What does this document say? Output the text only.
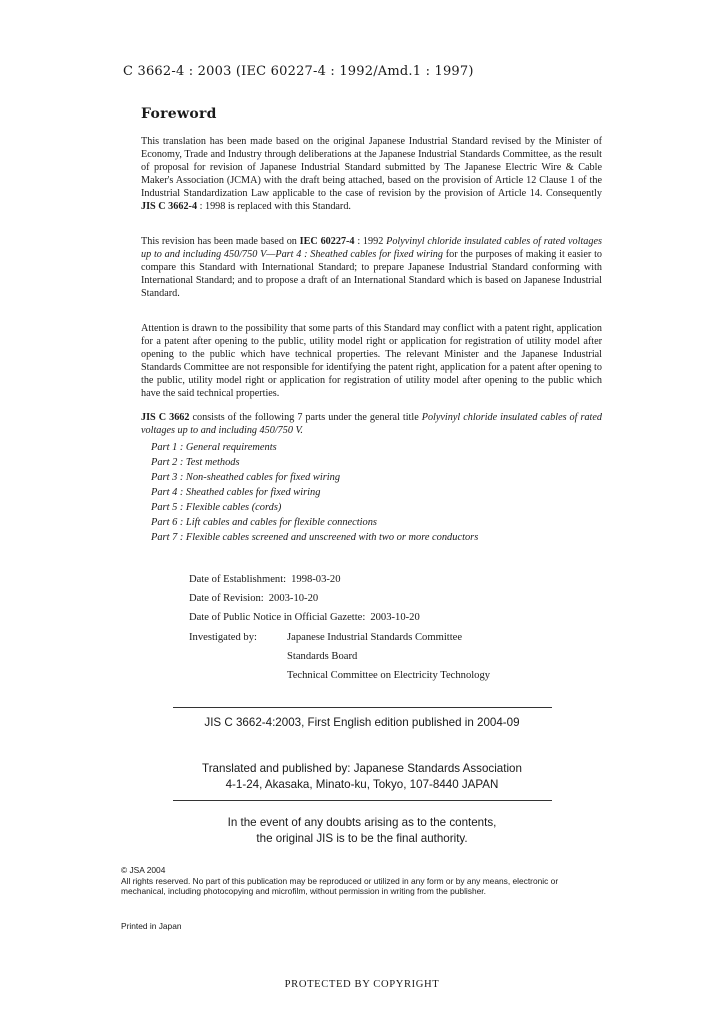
C 3662-4 : 2003 (IEC 60227-4 : 1992/Amd.1 : 1997)
Foreword
This translation has been made based on the original Japanese Industrial Standard revised by the Minister of Economy, Trade and Industry through deliberations at the Japanese Industrial Standards Committee, as the result of proposal for revision of Japanese Industrial Standard submitted by The Japanese Electric Wire & Cable Maker's Association (JCMA) with the draft being attached, based on the provision of Article 12 Clause 1 of the Industrial Standardization Law applicable to the case of revision by the provision of Article 14. Consequently JIS C 3662-4 : 1998 is replaced with this Standard.
This revision has been made based on IEC 60227-4 : 1992 Polyvinyl chloride insulated cables of rated voltages up to and including 450/750 V—Part 4 : Sheathed cables for fixed wiring for the purposes of making it easier to compare this Standard with International Standard; to prepare Japanese Industrial Standard conforming with International Standard; and to propose a draft of an International Standard which is based on Japanese Industrial Standard.
Attention is drawn to the possibility that some parts of this Standard may conflict with a patent right, application for a patent after opening to the public, utility model right or application for registration of utility model after opening to the public which have technical properties. The relevant Minister and the Japanese Industrial Standards Committee are not responsible for identifying the patent right, application for a patent after opening to the public, utility model right or application for registration of utility model after opening to the public which have the said technical properties.
JIS C 3662 consists of the following 7 parts under the general title Polyvinyl chloride insulated cables of rated voltages up to and including 450/750 V.
Part 1 : General requirements
Part 2 : Test methods
Part 3 : Non-sheathed cables for fixed wiring
Part 4 : Sheathed cables for fixed wiring
Part 5 : Flexible cables (cords)
Part 6 : Lift cables and cables for flexible connections
Part 7 : Flexible cables screened and unscreened with two or more conductors
Date of Establishment: 1998-03-20
Date of Revision: 2003-10-20
Date of Public Notice in Official Gazette: 2003-10-20
Investigated by:	Japanese Industrial Standards Committee
Standards Board
Technical Committee on Electricity Technology
JIS C 3662-4:2003, First English edition published in 2004-09
Translated and published by: Japanese Standards Association
4-1-24, Akasaka, Minato-ku, Tokyo, 107-8440 JAPAN
In the event of any doubts arising as to the contents,
the original JIS is to be the final authority.
© JSA 2004
All rights reserved. No part of this publication may be reproduced or utilized in any form or by any means, electronic or mechanical, including photocopying and microfilm, without permission in writing from the publisher.
Printed in Japan
PROTECTED BY COPYRIGHT
